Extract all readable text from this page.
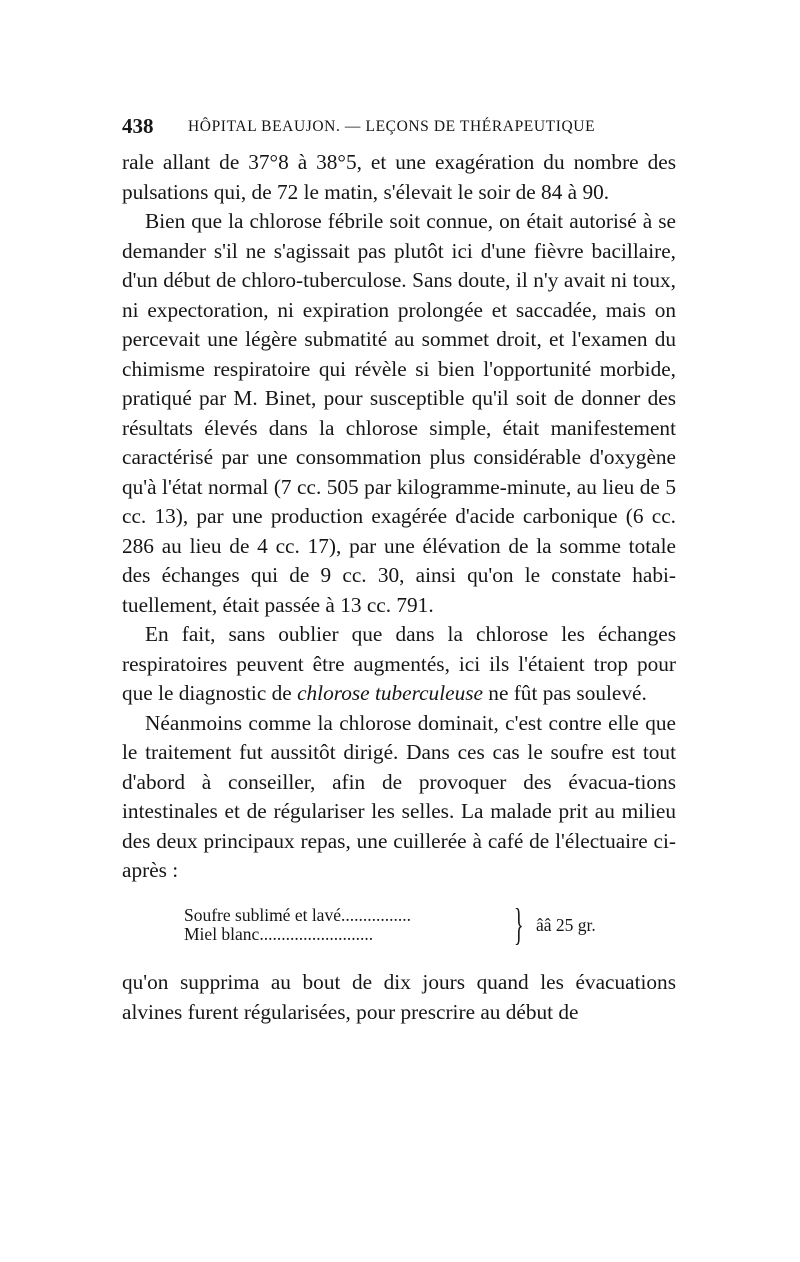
438 HÔPITAL BEAUJON. — LEÇONS DE THÉRAPEUTIQUE

rale allant de 37°8 à 38°5, et une exagération du nombre des pulsations qui, de 72 le matin, s'élevait le soir de 84 à 90.

Bien que la chlorose fébrile soit connue, on était autorisé à se demander s'il ne s'agissait pas plutôt ici d'une fièvre bacillaire, d'un début de chloro-tuberculose. Sans doute, il n'y avait ni toux, ni expectoration, ni expiration prolongée et saccadée, mais on percevait une légère submatité au sommet droit, et l'examen du chimisme respiratoire qui révèle si bien l'opportunité morbide, pratiqué par M. Binet, pour susceptible qu'il soit de donner des résultats élevés dans la chlorose simple, était manifestement caractérisé par une consommation plus considérable d'oxygène qu'à l'état normal (7 cc. 505 par kilogramme-minute, au lieu de 5 cc. 13), par une production exagérée d'acide carbonique (6 cc. 286 au lieu de 4 cc. 17), par une élévation de la somme totale des échanges qui de 9 cc. 30, ainsi qu'on le constate habi-tuellement, était passée à 13 cc. 791.

En fait, sans oublier que dans la chlorose les échanges respiratoires peuvent être augmentés, ici ils l'étaient trop pour que le diagnostic de chlorose tuberculeuse ne fût pas soulevé.

Néanmoins comme la chlorose dominait, c'est contre elle que le traitement fut aussitôt dirigé. Dans ces cas le soufre est tout d'abord à conseiller, afin de provoquer des évacua-tions intestinales et de régulariser les selles. La malade prit au milieu des deux principaux repas, une cuillerée à café de l'électuaire ci-après :

Soufre sublimé et lavé................
Miel blanc..........................	} ââ 25 gr.

qu'on supprima au bout de dix jours quand les évacuations alvines furent régularisées, pour prescrire au début de
